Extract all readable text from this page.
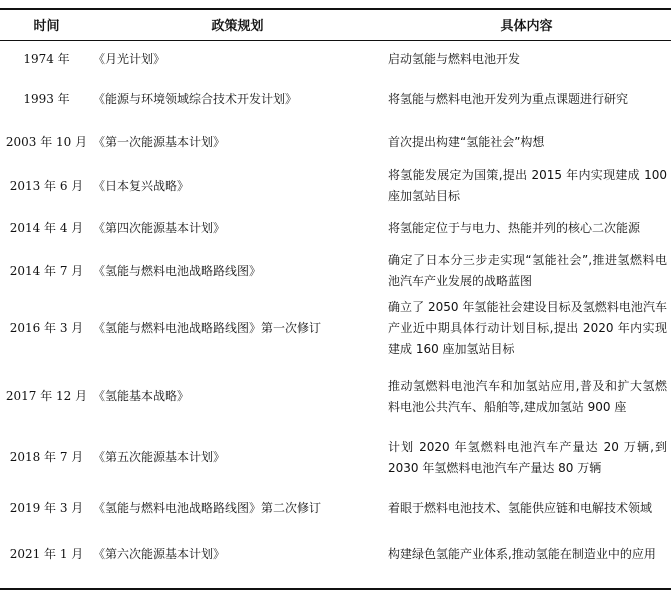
时间	政策规划	具体内容
1974 年	《月光计划》	启动氢能与燃料电池开发
1993 年	《能源与环境领域综合技术开发计划》	将氢能与燃料电池开发列为重点课题进行研究
2003 年 10 月	《第一次能源基本计划》	首次提出构建“氢能社会”构想
2013 年 6 月	《日本复兴战略》	将氢能发展定为国策,提出 2015 年内实现建成 100 座加氢站目标
2014 年 4 月	《第四次能源基本计划》	将氢能定位于与电力、热能并列的核心二次能源
2014 年 7 月	《氢能与燃料电池战略路线图》	确定了日本分三步走实现“氢能社会”,推进氢燃料电池汽车产业发展的战略蓝图
2016 年 3 月	《氢能与燃料电池战略路线图》第一次修订	确立了 2050 年氢能社会建设目标及氢燃料电池汽车产业近中期具体行动计划目标,提出 2020 年内实现建成 160 座加氢站目标
2017 年 12 月	《氢能基本战略》	推动氢燃料电池汽车和加氢站应用,普及和扩大氢燃料电池公共汽车、船舶等,建成加氢站 900 座
2018 年 7 月	《第五次能源基本计划》	计划 2020 年氢燃料电池汽车产量达 20 万辆,到 2030 年氢燃料电池汽车产量达 80 万辆
2019 年 3 月	《氢能与燃料电池战略路线图》第二次修订	着眼于燃料电池技术、氢能供应链和电解技术领域
2021 年 1 月	《第六次能源基本计划》	构建绿色氢能产业体系,推动氢能在制造业中的应用
